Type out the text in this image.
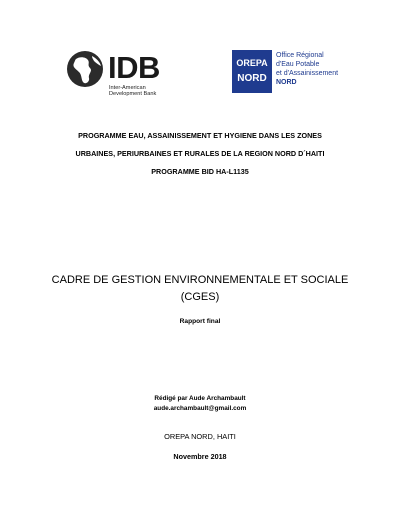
IDB
Inter-American
Development Bank
OREPA
NORD
Office Régional
d'Eau Potable
et d'Assainissement
NORD
PROGRAMME EAU, ASSAINISSEMENT ET HYGIENE DANS LES ZONES
URBAINES, PERIURBAINES ET RURALES DE LA REGION NORD D´HAITI
PROGRAMME BID HA-L1135
CADRE DE GESTION ENVIRONNEMENTALE ET SOCIALE
(CGES)
Rapport final
Rédigé par Aude Archambault
aude.archambault@gmail.com
OREPA NORD, HAITI
Novembre 2018
